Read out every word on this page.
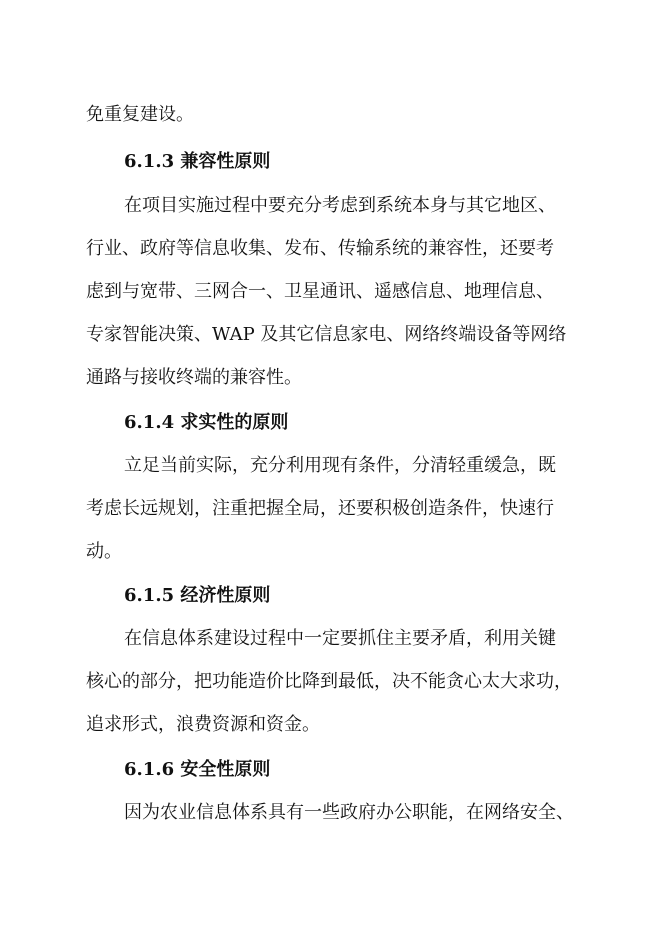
免重复建设。
6.1.3 兼容性原则
在项目实施过程中要充分考虑到系统本身与其它地区、
行业、政府等信息收集、发布、传输系统的兼容性，还要考
虑到与宽带、三网合一、卫星通讯、遥感信息、地理信息、
专家智能决策、WAP 及其它信息家电、网络终端设备等网络
通路与接收终端的兼容性。
6.1.4 求实性的原则
立足当前实际，充分利用现有条件，分清轻重缓急，既
考虑长远规划，注重把握全局，还要积极创造条件，快速行
动。
6.1.5 经济性原则
在信息体系建设过程中一定要抓住主要矛盾，利用关键
核心的部分，把功能造价比降到最低，决不能贪心太大求功，
追求形式，浪费资源和资金。
6.1.6 安全性原则
因为农业信息体系具有一些政府办公职能，在网络安全、
